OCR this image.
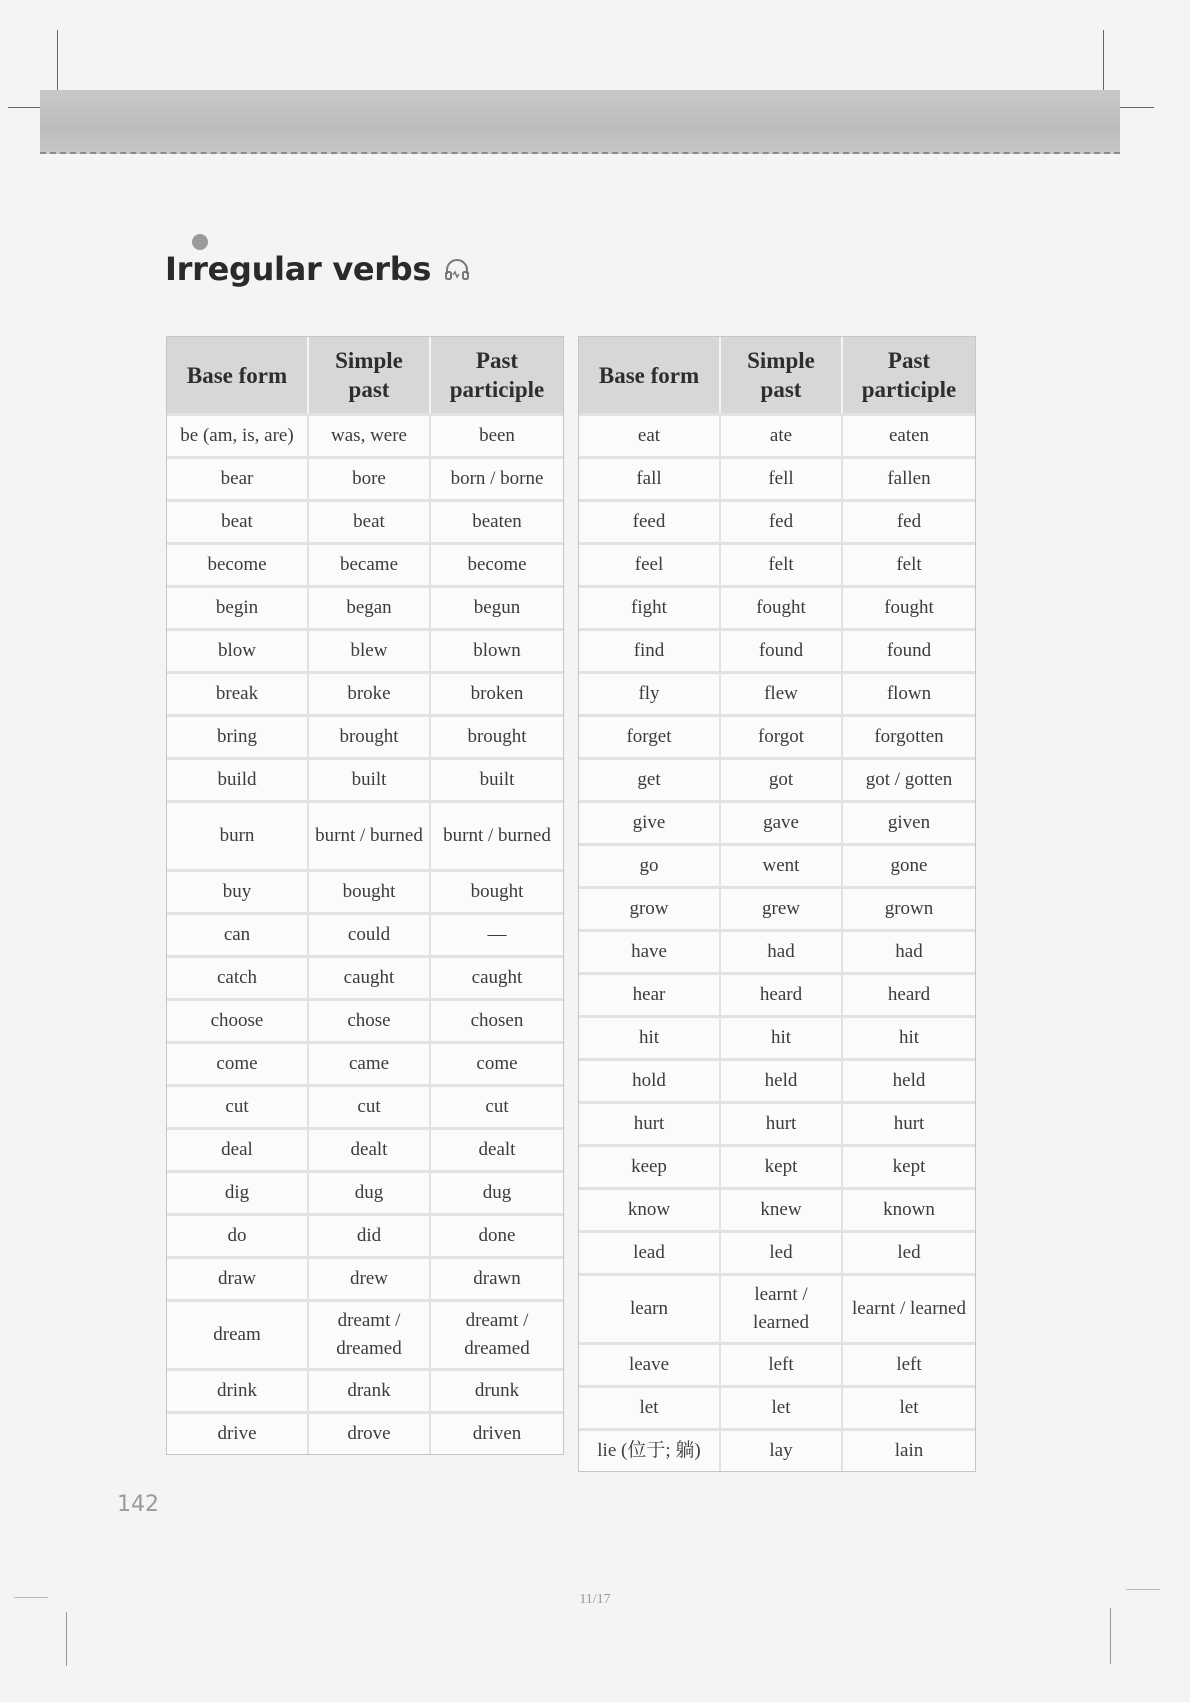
Irregular verbs
Base form	Simple past	Past participle
be (am, is, are)	was, were	been
bear	bore	born / borne
beat	beat	beaten
become	became	become
begin	began	begun
blow	blew	blown
break	broke	broken
bring	brought	brought
build	built	built
burn	burnt / burned	burnt / burned
buy	bought	bought
can	could	—
catch	caught	caught
choose	chose	chosen
come	came	come
cut	cut	cut
deal	dealt	dealt
dig	dug	dug
do	did	done
draw	drew	drawn
dream	dreamt / dreamed	dreamt / dreamed
drink	drank	drunk
drive	drove	driven
Base form	Simple past	Past participle
eat	ate	eaten
fall	fell	fallen
feed	fed	fed
feel	felt	felt
fight	fought	fought
find	found	found
fly	flew	flown
forget	forgot	forgotten
get	got	got / gotten
give	gave	given
go	went	gone
grow	grew	grown
have	had	had
hear	heard	heard
hit	hit	hit
hold	held	held
hurt	hurt	hurt
keep	kept	kept
know	knew	known
lead	led	led
learn	learnt / learned	learnt / learned
leave	left	left
let	let	let
lie (位于; 躺)	lay	lain
142
11/17
